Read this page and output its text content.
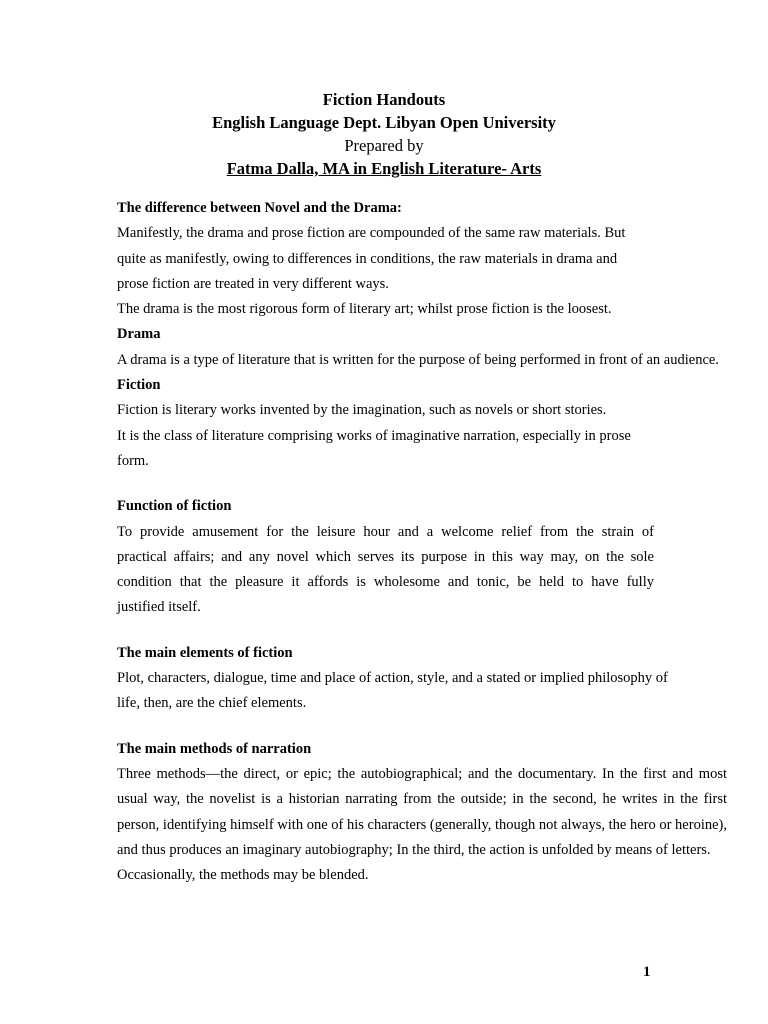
Fiction Handouts
English Language Dept. Libyan Open University
Prepared by
Fatma Dalla, MA in English Literature- Arts

The difference between Novel and the Drama:

Manifestly, the drama and prose fiction are compounded of the same raw materials. But

quite as manifestly, owing to differences in conditions, the raw materials in drama and

prose fiction are treated in very different ways.

The drama is the most rigorous form of literary art; whilst prose fiction is the loosest.

Drama

A drama is a type of literature that is written for the purpose of being performed in front of an audience.

Fiction

Fiction is literary works invented by the imagination, such as novels or short stories.

It is the class of literature comprising works of imaginative narration, especially in prose

form.

Function of fiction

To provide amusement for the leisure hour and a welcome relief from the strain of

practical affairs; and any novel which serves its purpose in this way may, on the sole

condition that the pleasure it affords is wholesome and tonic, be held to have fully

justified itself.

The main elements of fiction

Plot, characters, dialogue, time and place of action, style, and a stated or implied philosophy of

life, then, are the chief elements.

The main methods of narration

Three methods—the direct, or epic; the autobiographical; and the documentary. In the first and most usual way, the novelist is a historian narrating from the outside; in the second, he writes in the first person, identifying himself with one of his characters (generally, though not always, the hero or heroine), and thus produces an imaginary autobiography; In the third, the action is unfolded by means of letters.

Occasionally, the methods may be blended.

1
